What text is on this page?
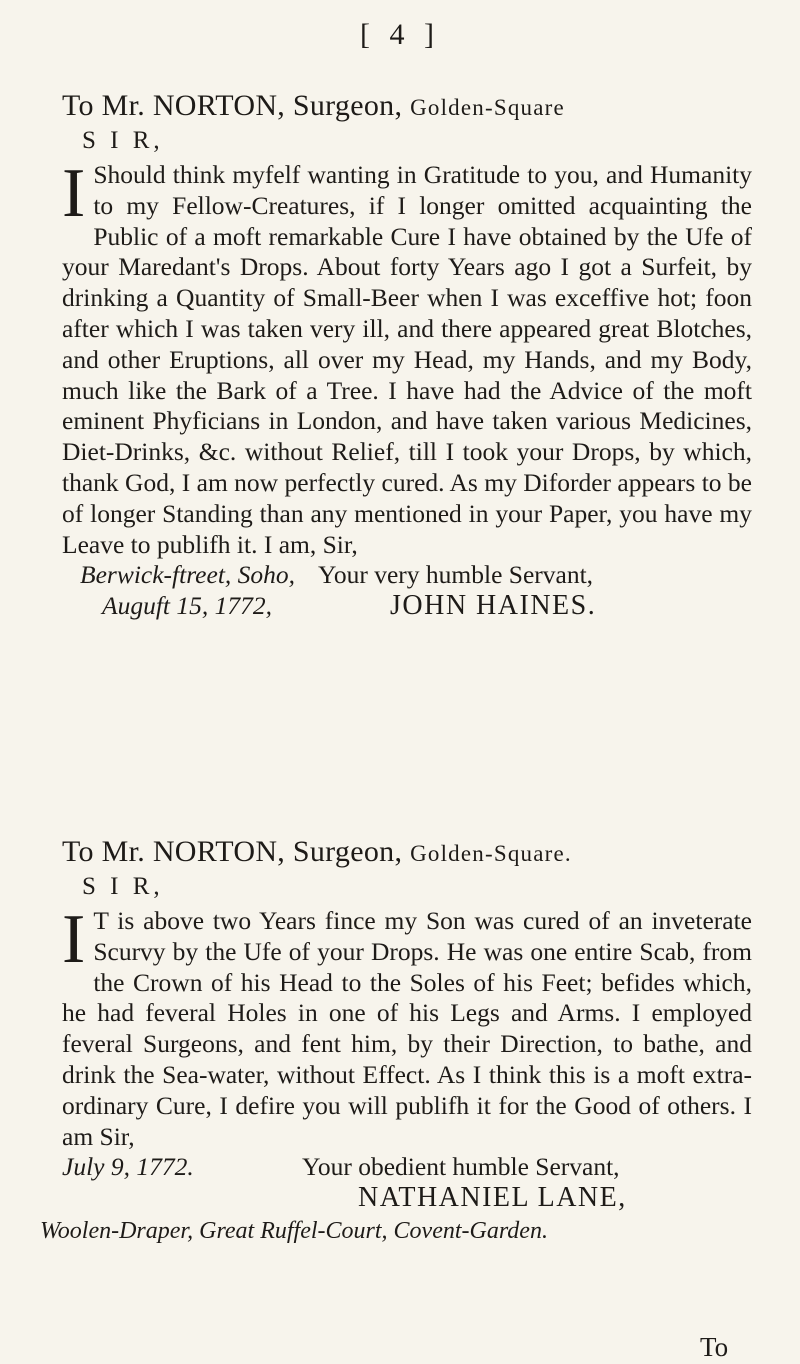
[ 4 ]
To Mr. NORTON, Surgeon, Golden-Square
S I R,
I Should think myfelf wanting in Gratitude to you, and Humanity to my Fellow-Creatures, if I longer omitted acquainting the Public of a moft remarkable Cure I have obtained by the Ufe of your Maredant's Drops. About forty Years ago I got a Surfeit, by drinking a Quantity of Small-Beer when I was exceffive hot; foon after which I was taken very ill, and there appeared great Blotches, and other Eruptions, all over my Head, my Hands, and my Body, much like the Bark of a Tree. I have had the Advice of the moft eminent Phyficians in London, and have taken various Medicines, Diet-Drinks, &c. without Relief, till I took your Drops, by which, thank God, I am now perfectly cured. As my Diforder appears to be of longer Standing than any mentioned in your Paper, you have my Leave to publifh it. I am, Sir,
Berwick-ftreet, Soho,
Auguft 15, 1772,
Your very humble Servant,
JOHN HAINES.
To Mr. NORTON, Surgeon, Golden-Square.
S I R,
I T is above two Years fince my Son was cured of an inveterate Scurvy by the Ufe of your Drops. He was one entire Scab, from the Crown of his Head to the Soles of his Feet; befides which, he had feveral Holes in one of his Legs and Arms. I employed feveral Surgeons, and fent him, by their Direction, to bathe, and drink the Sea-water, without Effect. As I think this is a moft extra-ordinary Cure, I defire you will publifh it for the Good of others. I am Sir,
July 9, 1772.	Your obedient humble Servant,
NATHANIEL LANE,
Woolen-Draper, Great Ruffel-Court, Covent-Garden.
To
